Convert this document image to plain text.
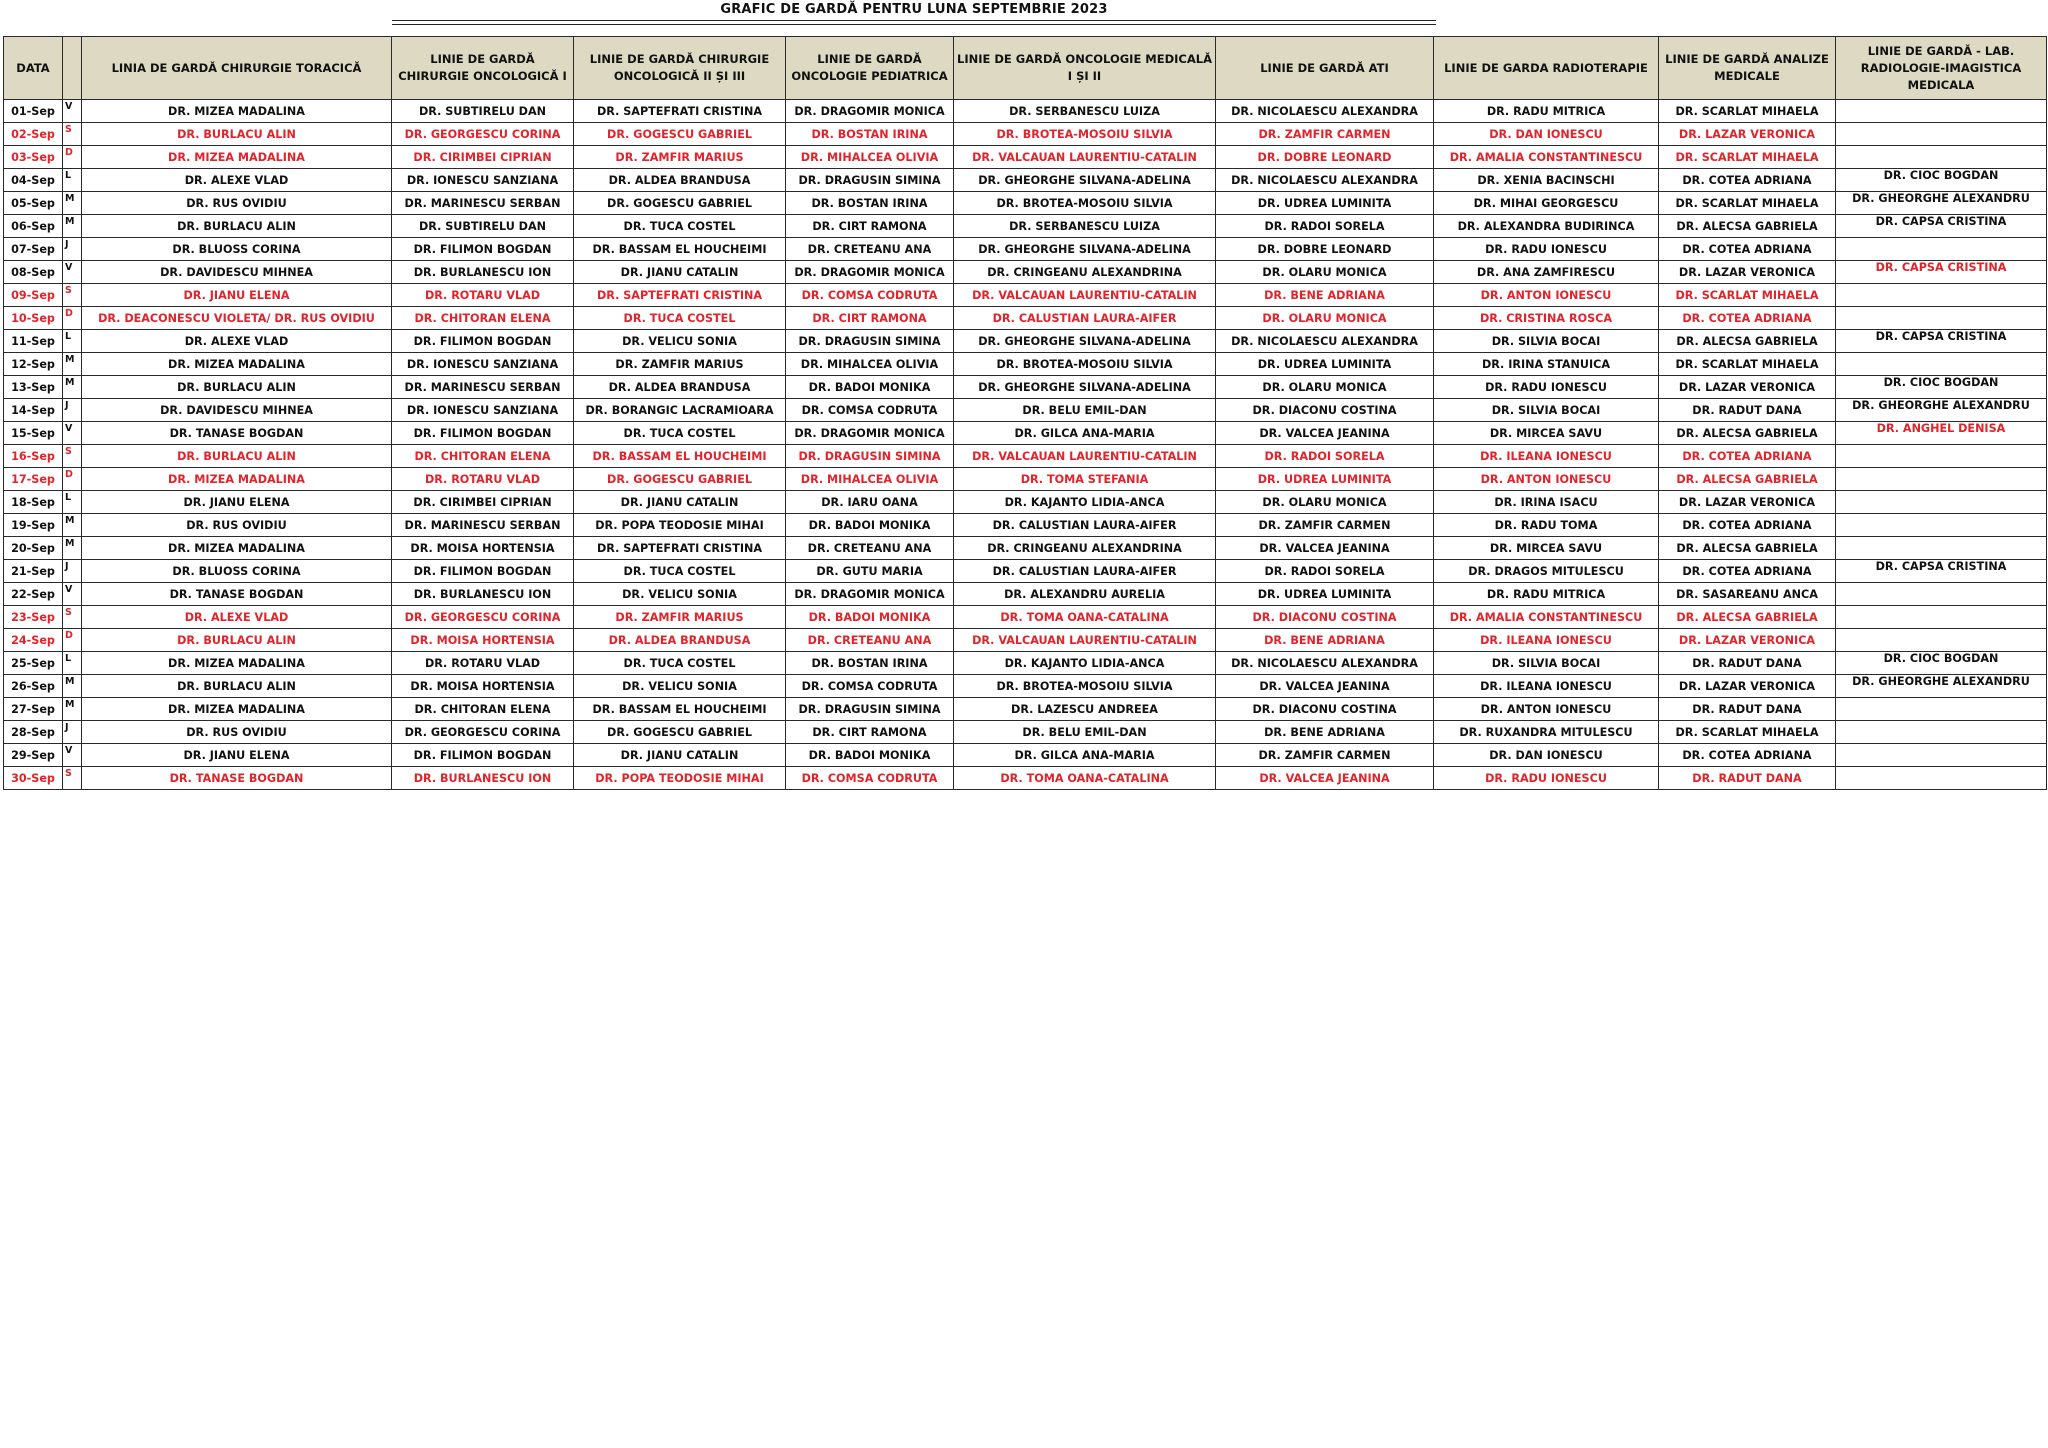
GRAFIC DE GARDĂ PENTRU LUNA SEPTEMBRIE 2023
DATA		LINIA DE GARDĂ CHIRURGIE TORACICĂ	LINIE DE GARDĂ CHIRURGIE ONCOLOGICĂ I	LINIE DE GARDĂ CHIRURGIE ONCOLOGICĂ II ȘI III	LINIE DE GARDĂ ONCOLOGIE PEDIATRICA	LINIE DE GARDĂ ONCOLOGIE MEDICALĂ I ȘI II	LINIE DE GARDĂ ATI	LINIE DE GARDA RADIOTERAPIE	LINIE DE GARDĂ ANALIZE MEDICALE	LINIE DE GARDĂ - LAB. RADIOLOGIE-IMAGISTICA MEDICALA
01-Sep	V	DR. MIZEA MADALINA	DR. SUBTIRELU DAN	DR. SAPTEFRATI CRISTINA	DR. DRAGOMIR MONICA	DR. SERBANESCU LUIZA	DR. NICOLAESCU ALEXANDRA	DR. RADU MITRICA	DR. SCARLAT MIHAELA	
02-Sep	S	DR. BURLACU ALIN	DR. GEORGESCU CORINA	DR. GOGESCU GABRIEL	DR. BOSTAN IRINA	DR. BROTEA-MOSOIU SILVIA	DR. ZAMFIR CARMEN	DR. DAN IONESCU	DR. LAZAR VERONICA	
03-Sep	D	DR. MIZEA MADALINA	DR. CIRIMBEI CIPRIAN	DR. ZAMFIR MARIUS	DR. MIHALCEA OLIVIA	DR. VALCAUAN LAURENTIU-CATALIN	DR. DOBRE LEONARD	DR. AMALIA CONSTANTINESCU	DR. SCARLAT MIHAELA	
04-Sep	L	DR. ALEXE VLAD	DR. IONESCU SANZIANA	DR. ALDEA BRANDUSA	DR. DRAGUSIN SIMINA	DR. GHEORGHE SILVANA-ADELINA	DR. NICOLAESCU ALEXANDRA	DR. XENIA BACINSCHI	DR. COTEA ADRIANA	DR. CIOC BOGDAN
05-Sep	M	DR. RUS OVIDIU	DR. MARINESCU SERBAN	DR. GOGESCU GABRIEL	DR. BOSTAN IRINA	DR. BROTEA-MOSOIU SILVIA	DR. UDREA LUMINITA	DR. MIHAI GEORGESCU	DR. SCARLAT MIHAELA	DR. GHEORGHE ALEXANDRU
06-Sep	M	DR. BURLACU ALIN	DR. SUBTIRELU DAN	DR. TUCA COSTEL	DR. CIRT RAMONA	DR. SERBANESCU LUIZA	DR. RADOI SORELA	DR. ALEXANDRA BUDIRINCA	DR. ALECSA GABRIELA	DR. CAPSA CRISTINA
07-Sep	J	DR. BLUOSS CORINA	DR. FILIMON BOGDAN	DR. BASSAM EL HOUCHEIMI	DR. CRETEANU ANA	DR. GHEORGHE SILVANA-ADELINA	DR. DOBRE LEONARD	DR. RADU IONESCU	DR. COTEA ADRIANA	
08-Sep	V	DR. DAVIDESCU MIHNEA	DR. BURLANESCU ION	DR. JIANU CATALIN	DR. DRAGOMIR MONICA	DR. CRINGEANU ALEXANDRINA	DR. OLARU MONICA	DR. ANA ZAMFIRESCU	DR. LAZAR VERONICA	DR. CAPSA CRISTINA
09-Sep	S	DR. JIANU ELENA	DR. ROTARU VLAD	DR. SAPTEFRATI CRISTINA	DR. COMSA CODRUTA	DR. VALCAUAN LAURENTIU-CATALIN	DR. BENE ADRIANA	DR. ANTON IONESCU	DR. SCARLAT MIHAELA	
10-Sep	D	DR. DEACONESCU VIOLETA/ DR. RUS OVIDIU	DR. CHITORAN ELENA	DR. TUCA COSTEL	DR. CIRT RAMONA	DR. CALUSTIAN LAURA-AIFER	DR. OLARU MONICA	DR. CRISTINA ROSCA	DR. COTEA ADRIANA	
11-Sep	L	DR. ALEXE VLAD	DR. FILIMON BOGDAN	DR. VELICU SONIA	DR. DRAGUSIN SIMINA	DR. GHEORGHE SILVANA-ADELINA	DR. NICOLAESCU ALEXANDRA	DR. SILVIA BOCAI	DR. ALECSA GABRIELA	DR. CAPSA CRISTINA
12-Sep	M	DR. MIZEA MADALINA	DR. IONESCU SANZIANA	DR. ZAMFIR MARIUS	DR. MIHALCEA OLIVIA	DR. BROTEA-MOSOIU SILVIA	DR. UDREA LUMINITA	DR. IRINA STANUICA	DR. SCARLAT MIHAELA	
13-Sep	M	DR. BURLACU ALIN	DR. MARINESCU SERBAN	DR. ALDEA BRANDUSA	DR. BADOI MONIKA	DR. GHEORGHE SILVANA-ADELINA	DR. OLARU MONICA	DR. RADU IONESCU	DR. LAZAR VERONICA	DR. CIOC BOGDAN
14-Sep	J	DR. DAVIDESCU MIHNEA	DR. IONESCU SANZIANA	DR. BORANGIC LACRAMIOARA	DR. COMSA CODRUTA	DR. BELU EMIL-DAN	DR. DIACONU COSTINA	DR. SILVIA BOCAI	DR. RADUT DANA	DR. GHEORGHE ALEXANDRU
15-Sep	V	DR. TANASE BOGDAN	DR. FILIMON BOGDAN	DR. TUCA COSTEL	DR. DRAGOMIR MONICA	DR. GILCA ANA-MARIA	DR. VALCEA JEANINA	DR. MIRCEA SAVU	DR. ALECSA GABRIELA	DR. ANGHEL DENISA
16-Sep	S	DR. BURLACU ALIN	DR. CHITORAN ELENA	DR. BASSAM EL HOUCHEIMI	DR. DRAGUSIN SIMINA	DR. VALCAUAN LAURENTIU-CATALIN	DR. RADOI SORELA	DR. ILEANA IONESCU	DR. COTEA ADRIANA	
17-Sep	D	DR. MIZEA MADALINA	DR. ROTARU VLAD	DR. GOGESCU GABRIEL	DR. MIHALCEA OLIVIA	DR. TOMA STEFANIA	DR. UDREA LUMINITA	DR. ANTON IONESCU	DR. ALECSA GABRIELA	
18-Sep	L	DR. JIANU ELENA	DR. CIRIMBEI CIPRIAN	DR. JIANU CATALIN	DR. IARU OANA	DR. KAJANTO LIDIA-ANCA	DR. OLARU MONICA	DR. IRINA ISACU	DR. LAZAR VERONICA	
19-Sep	M	DR. RUS OVIDIU	DR. MARINESCU SERBAN	DR. POPA TEODOSIE MIHAI	DR. BADOI MONIKA	DR. CALUSTIAN LAURA-AIFER	DR. ZAMFIR CARMEN	DR. RADU TOMA	DR. COTEA ADRIANA	
20-Sep	M	DR. MIZEA MADALINA	DR. MOISA HORTENSIA	DR. SAPTEFRATI CRISTINA	DR. CRETEANU ANA	DR. CRINGEANU ALEXANDRINA	DR. VALCEA JEANINA	DR. MIRCEA SAVU	DR. ALECSA GABRIELA	
21-Sep	J	DR. BLUOSS CORINA	DR. FILIMON BOGDAN	DR. TUCA COSTEL	DR. GUTU MARIA	DR. CALUSTIAN LAURA-AIFER	DR. RADOI SORELA	DR. DRAGOS MITULESCU	DR. COTEA ADRIANA	DR. CAPSA CRISTINA
22-Sep	V	DR. TANASE BOGDAN	DR. BURLANESCU ION	DR. VELICU SONIA	DR. DRAGOMIR MONICA	DR. ALEXANDRU AURELIA	DR. UDREA LUMINITA	DR. RADU MITRICA	DR. SASAREANU ANCA	
23-Sep	S	DR. ALEXE VLAD	DR. GEORGESCU CORINA	DR. ZAMFIR MARIUS	DR. BADOI MONIKA	DR. TOMA OANA-CATALINA	DR. DIACONU COSTINA	DR. AMALIA CONSTANTINESCU	DR. ALECSA GABRIELA	
24-Sep	D	DR. BURLACU ALIN	DR. MOISA HORTENSIA	DR. ALDEA BRANDUSA	DR. CRETEANU ANA	DR. VALCAUAN LAURENTIU-CATALIN	DR. BENE ADRIANA	DR. ILEANA IONESCU	DR. LAZAR VERONICA	
25-Sep	L	DR. MIZEA MADALINA	DR. ROTARU VLAD	DR. TUCA COSTEL	DR. BOSTAN IRINA	DR. KAJANTO LIDIA-ANCA	DR. NICOLAESCU ALEXANDRA	DR. SILVIA BOCAI	DR. RADUT DANA	DR. CIOC BOGDAN
26-Sep	M	DR. BURLACU ALIN	DR. MOISA HORTENSIA	DR. VELICU SONIA	DR. COMSA CODRUTA	DR. BROTEA-MOSOIU SILVIA	DR. VALCEA JEANINA	DR. ILEANA IONESCU	DR. LAZAR VERONICA	DR. GHEORGHE ALEXANDRU
27-Sep	M	DR. MIZEA MADALINA	DR. CHITORAN ELENA	DR. BASSAM EL HOUCHEIMI	DR. DRAGUSIN SIMINA	DR. LAZESCU ANDREEA	DR. DIACONU COSTINA	DR. ANTON IONESCU	DR. RADUT DANA	
28-Sep	J	DR. RUS OVIDIU	DR. GEORGESCU CORINA	DR. GOGESCU GABRIEL	DR. CIRT RAMONA	DR. BELU EMIL-DAN	DR. BENE ADRIANA	DR. RUXANDRA MITULESCU	DR. SCARLAT MIHAELA	
29-Sep	V	DR. JIANU ELENA	DR. FILIMON BOGDAN	DR. JIANU CATALIN	DR. BADOI MONIKA	DR. GILCA ANA-MARIA	DR. ZAMFIR CARMEN	DR. DAN IONESCU	DR. COTEA ADRIANA	
30-Sep	S	DR. TANASE BOGDAN	DR. BURLANESCU ION	DR. POPA TEODOSIE MIHAI	DR. COMSA CODRUTA	DR. TOMA OANA-CATALINA	DR. VALCEA JEANINA	DR. RADU IONESCU	DR. RADUT DANA	
